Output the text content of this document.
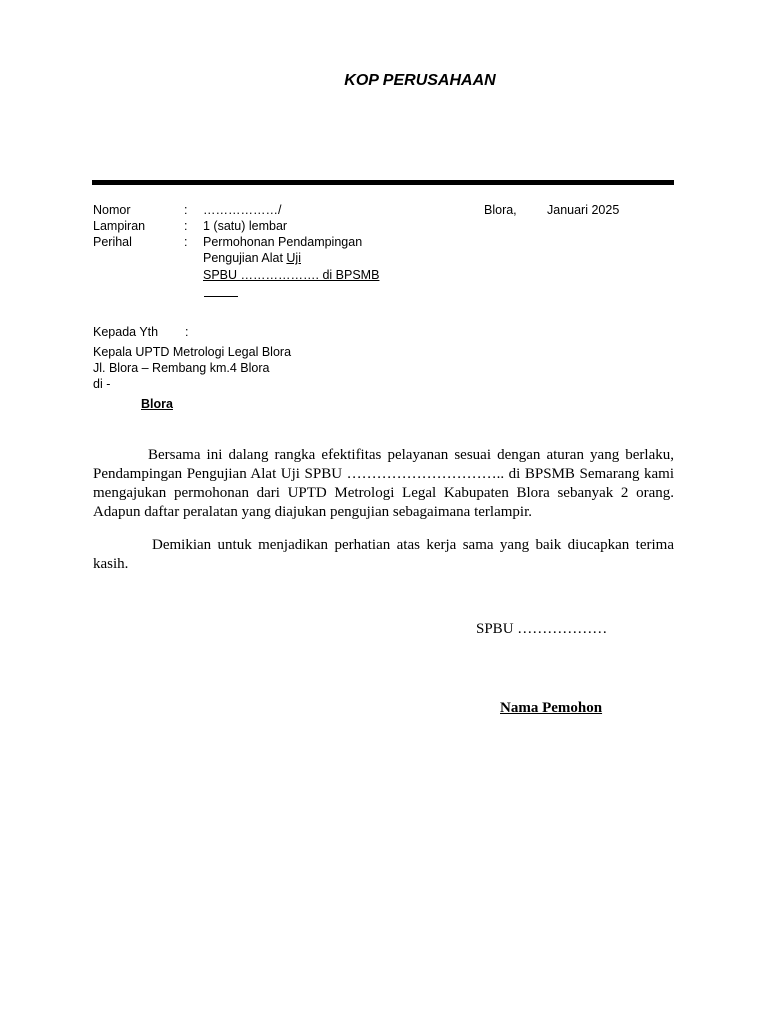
KOP PERUSAHAAN
Nomor	: ………………/	Blora, Januari 2025
Lampiran	: 1 (satu) lembar
Perihal	: Permohonan Pendampingan
Pengujian Alat Uji
SPBU ………………. di BPSMB
Kepada Yth :
Kepala UPTD Metrologi Legal Blora
Jl. Blora – Rembang km.4 Blora
di -
Blora
Bersama ini dalang rangka efektifitas pelayanan sesuai dengan aturan yang berlaku, Pendampingan Pengujian Alat Uji SPBU ………………………….. di BPSMB Semarang kami mengajukan permohonan dari UPTD Metrologi Legal Kabupaten Blora sebanyak 2 orang. Adapun daftar peralatan yang diajukan pengujian sebagaimana terlampir.
Demikian untuk menjadikan perhatian atas kerja sama yang baik diucapkan terima kasih.
SPBU ………………
Nama Pemohon
